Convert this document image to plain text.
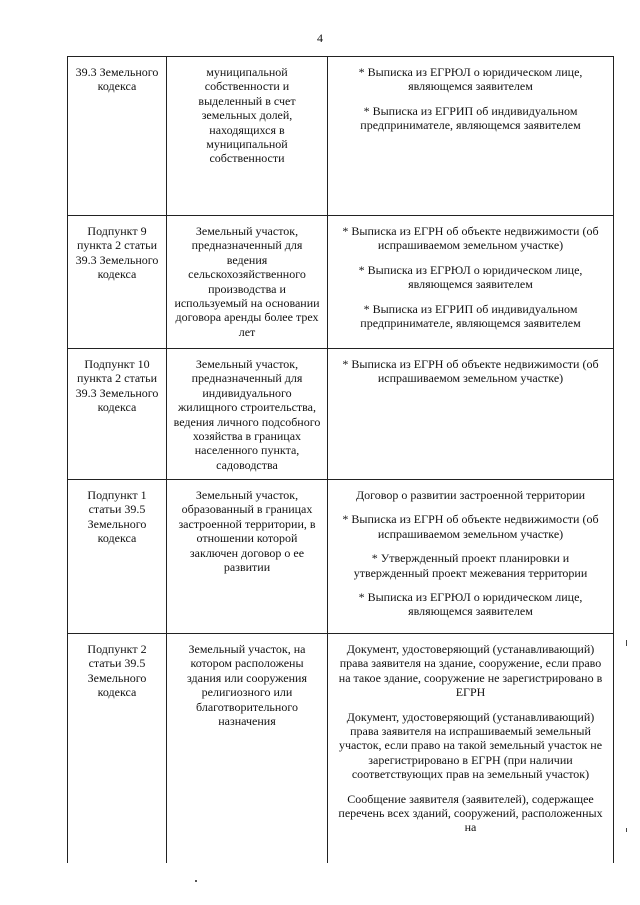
4
39.3 Земельного кодекса	муниципальной собственности и выделенный в счет земельных долей, находящихся в муниципальной собственности	* Выписка из ЕГРЮЛ о юридическом лице, являющемся заявителем
* Выписка из ЕГРИП об индивидуальном предпринимателе, являющемся заявителем

Подпункт 9 пункта 2 статьи 39.3 Земельного кодекса	Земельный участок, предназначенный для ведения сельскохозяйственного производства и используемый на основании договора аренды более трех лет	* Выписка из ЕГРН об объекте недвижимости (об испрашиваемом земельном участке)
* Выписка из ЕГРЮЛ о юридическом лице, являющемся заявителем
* Выписка из ЕГРИП об индивидуальном предпринимателе, являющемся заявителем

Подпункт 10 пункта 2 статьи 39.3 Земельного кодекса	Земельный участок, предназначенный для индивидуального жилищного строительства, ведения личного подсобного хозяйства в границах населенного пункта, садоводства	* Выписка из ЕГРН об объекте недвижимости (об испрашиваемом земельном участке)

Подпункт 1 статьи 39.5 Земельного кодекса	Земельный участок, образованный в границах застроенной территории, в отношении которой заключен договор о ее развитии	Договор о развитии застроенной территории
* Выписка из ЕГРН об объекте недвижимости (об испрашиваемом земельном участке)
* Утвержденный проект планировки и утвержденный проект межевания территории
* Выписка из ЕГРЮЛ о юридическом лице, являющемся заявителем

Подпункт 2 статьи 39.5 Земельного кодекса	Земельный участок, на котором расположены здания или сооружения религиозного или благотворительного назначения	Документ, удостоверяющий (устанавливающий) права заявителя на здание, сооружение, если право на такое здание, сооружение не зарегистрировано в ЕГРН
Документ, удостоверяющий (устанавливающий) права заявителя на испрашиваемый земельный участок, если право на такой земельный участок не зарегистрировано в ЕГРН (при наличии соответствующих прав на земельный участок)
Сообщение заявителя (заявителей), содержащее перечень всех зданий, сооружений, расположенных на
